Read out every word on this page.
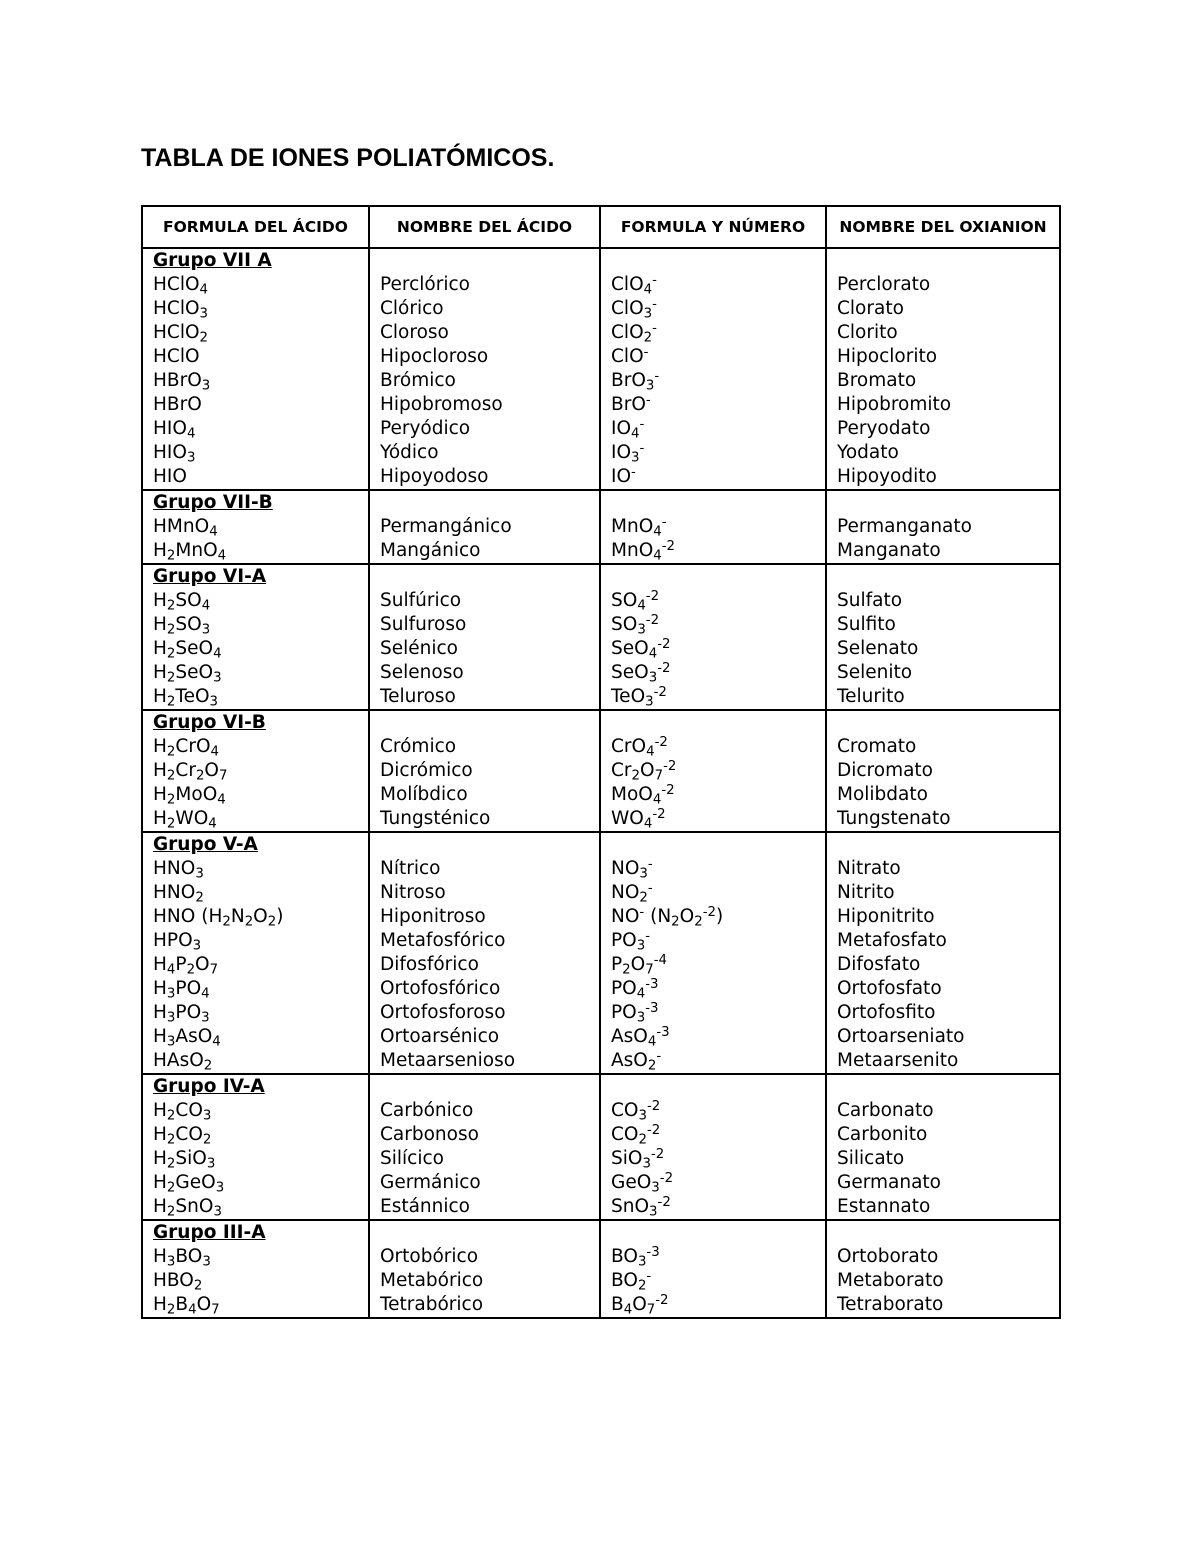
TABLA DE IONES POLIATÓMICOS.
FORMULA DEL ÁCIDO	NOMBRE DEL ÁCIDO	FORMULA Y NÚMERO	NOMBRE DEL OXIANION
Grupo VII A			
HClO$_4$	Perclórico	ClO$_4$-	Perclorato
HClO$_3$	Clórico	ClO$_3$-	Clorato
HClO$_2$	Cloroso	ClO$_2$-	Clorito
HClO	Hipocloroso	ClO-	Hipoclorito
HBrO$_3$	Brómico	BrO$_3$-	Bromato
HBrO	Hipobromoso	BrO-	Hipobromito
$HIO_4$	Peryódico	$IO_4^-$	Peryodato
$HIO_3$	Yódico	$IO_3^-$	Yodato
HIO	Hipoyodoso	IO-	Hipoyodito
Grupo VII-B			
HMnO$_4$	Permangánico	MnO$_4$-	Permanganato
$H_2MnO_4$	Mangánico	MnO$_4^{-2}$	Manganato
Grupo VI-A			
$H_2SO_4$	Sulfúrico	$SO_4^{-2}$	Sulfato
$H_2SO_3$	Sulfuroso	$SO_3^{-2}$	Sulfito
$H_2SeO_4$	Selénico	SeO$_4^{-2}$	Selenato
$H_2SeO_3$	Selenoso	SeO$_3^{-2}$	Selenito
$H_2TeO_3$	Teluroso	TeO$_3^{-2}$	Telurito
Grupo VI-B			
$H_2CrO_4$	Crómico	CrO$_4^{-2}$	Cromato
$H_2Cr_2O_7$	Dicrómico	$Cr_2O_7^{-2}$	Dicromato
$H_2MoO_4$	Molíbdico	MoO$_4^{-2}$	Molibdato
$H_2WO_4$	Tungsténico	$WO_4^{-2}$	Tungstenato
Grupo V-A			
$HNO_3$	Nítrico	$NO_3^-$	Nitrato
$HNO_2$	Nitroso	$NO_2^-$	Nitrito
HNO $(H_2N_2O_2)$	Hiponitroso	NO- $(N_2O_2^{-2})$	Hiponitrito
$HPO_3$	Metafosfórico	$PO_3^-$	Metafosfato
$H_4P_2O_7$	Difosfórico	$P_2O_7^{-4}$	Difosfato
$H_3PO_4$	Ortofosfórico	$PO_4^{-3}$	Ortofosfato
$H_3PO_3$	Ortofosforoso	$PO_3^{-3}$	Ortofosfito
$H_3AsO_4$	Ortoarsénico	AsO$_4^{-3}$	Ortoarseniato
HAsO$_2$	Metaarsenioso	AsO$_2$-	Metaarsenito
Grupo IV-A			
$H_2CO_3$	Carbónico	$CO_3^{-2}$	Carbonato
$H_2CO_2$	Carbonoso	$CO_2^{-2}$	Carbonito
$H_2SiO_3$	Silícico	SiO$_3^{-2}$	Silicato
$H_2GeO_3$	Germánico	GeO$_3^{-2}$	Germanato
$H_2SnO_3$	Estánnico	SnO$_3^{-2}$	Estannato
Grupo III-A			
$H_3BO_3$	Ortobórico	$BO_3^{-3}$	Ortoborato
$HBO_2$	Metabórico	$BO_2^-$	Metaborato
$H_2B_4O_7$	Tetrabórico	$B_4O_7^{-2}$	Tetraborato
